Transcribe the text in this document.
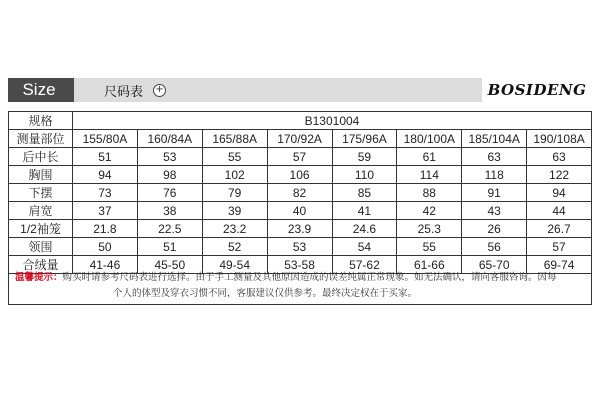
Size	尺码表 +	BOSIDENG
规格	B1301004							
测量部位	155/80A	160/84A	165/88A	170/92A	175/96A	180/100A	185/104A	190/108A
后中长	51	53	55	57	59	61	63	63
胸围	94	98	102	106	110	114	118	122
下摆	73	76	79	82	85	88	91	94
肩宽	37	38	39	40	41	42	43	44
1/2袖笼	21.8	22.5	23.2	23.9	24.6	25.3	26	26.7
领围	50	51	52	53	54	55	56	57
合绒量	41-46	45-50	49-54	53-58	57-62	61-66	65-70	69-74
温馨提示：购买时请参考尺码表进行选择。由于手工测量及其他原因造成的误差纯属正常现象。如无法确认，请向客服咨询。因每
个人的体型及穿衣习惯不同，客服建议仅供参考。最终决定权在于买家。
